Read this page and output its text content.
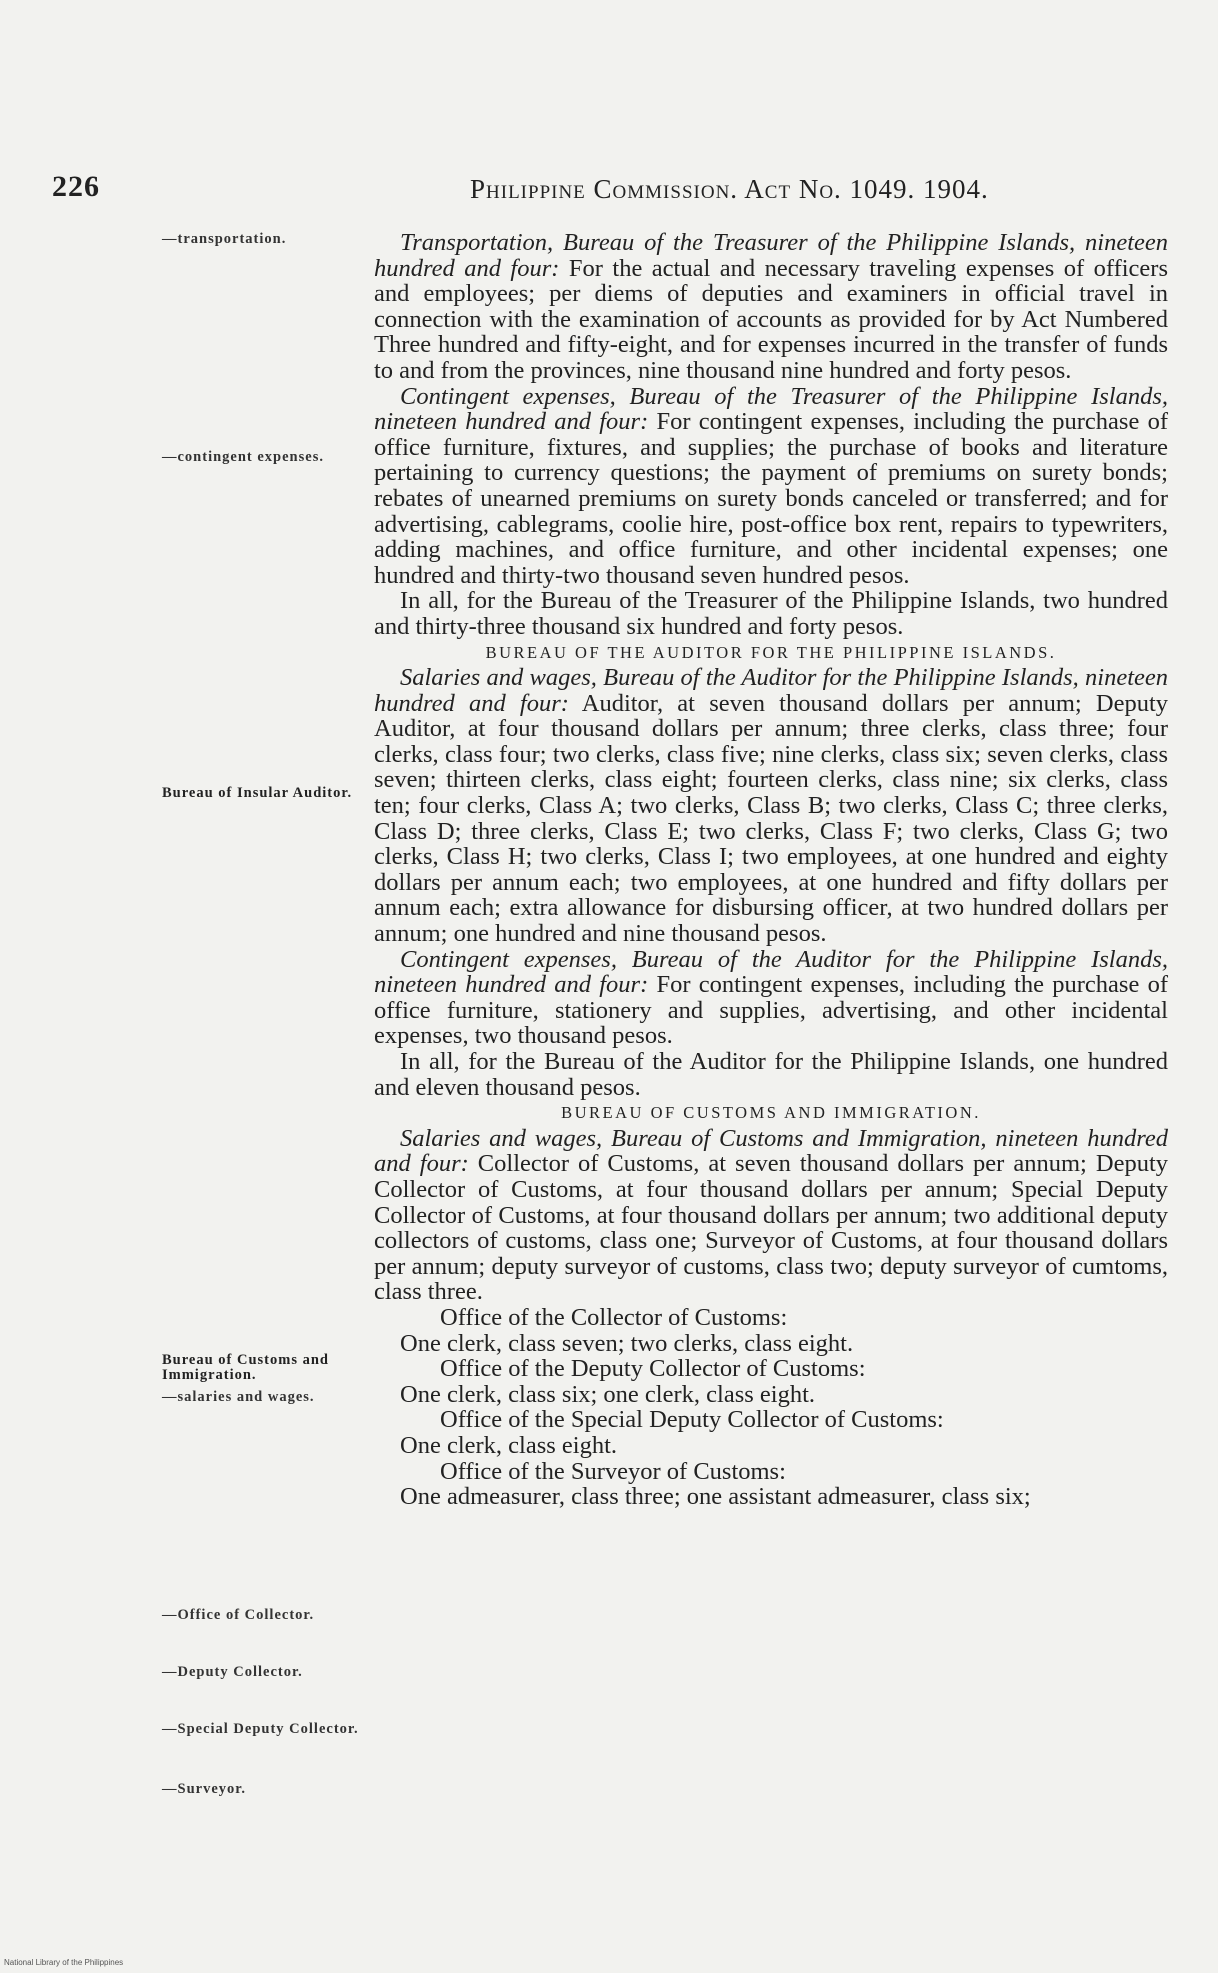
226	Philippine Commission. Act No. 1049. 1904.
—transportation.
—contingent expenses.
Bureau of Insular Auditor.
Bureau of Customs and Immigration.
—salaries and wages.
—Office of Collector.
—Deputy Collector.
—Special Deputy Collector.
—Surveyor.

Transportation, Bureau of the Treasurer of the Philippine Islands, nineteen hundred and four: For the actual and necessary traveling expenses of officers and employees; per diems of deputies and examiners in official travel in connection with the examination of accounts as provided for by Act Numbered Three hundred and fifty-eight, and for expenses incurred in the transfer of funds to and from the provinces, nine thousand nine hundred and forty pesos.

Contingent expenses, Bureau of the Treasurer of the Philippine Islands, nineteen hundred and four: For contingent expenses, including the purchase of office furniture, fixtures, and supplies; the purchase of books and literature pertaining to currency questions; the payment of premiums on surety bonds; rebates of unearned premiums on surety bonds canceled or transferred; and for advertising, cablegrams, coolie hire, post-office box rent, repairs to typewriters, adding machines, and office furniture, and other incidental expenses; one hundred and thirty-two thousand seven hundred pesos.

In all, for the Bureau of the Treasurer of the Philippine Islands, two hundred and thirty-three thousand six hundred and forty pesos.

BUREAU OF THE AUDITOR FOR THE PHILIPPINE ISLANDS.

Salaries and wages, Bureau of the Auditor for the Philippine Islands, nineteen hundred and four: Auditor, at seven thousand dollars per annum; Deputy Auditor, at four thousand dollars per annum; three clerks, class three; four clerks, class four; two clerks, class five; nine clerks, class six; seven clerks, class seven; thirteen clerks, class eight; fourteen clerks, class nine; six clerks, class ten; four clerks, Class A; two clerks, Class B; two clerks, Class C; three clerks, Class D; three clerks, Class E; two clerks, Class F; two clerks, Class G; two clerks, Class H; two clerks, Class I; two employees, at one hundred and eighty dollars per annum each; two employees, at one hundred and fifty dollars per annum each; extra allowance for disbursing officer, at two hundred dollars per annum; one hundred and nine thousand pesos.

Contingent expenses, Bureau of the Auditor for the Philippine Islands, nineteen hundred and four: For contingent expenses, including the purchase of office furniture, stationery and supplies, advertising, and other incidental expenses, two thousand pesos.

In all, for the Bureau of the Auditor for the Philippine Islands, one hundred and eleven thousand pesos.

BUREAU OF CUSTOMS AND IMMIGRATION.

Salaries and wages, Bureau of Customs and Immigration, nineteen hundred and four: Collector of Customs, at seven thousand dollars per annum; Deputy Collector of Customs, at four thousand dollars per annum; Special Deputy Collector of Customs, at four thousand dollars per annum; two additional deputy collectors of customs, class one; Surveyor of Customs, at four thousand dollars per annum; deputy surveyor of customs, class two; deputy surveyor of cumtoms, class three.

Office of the Collector of Customs:

One clerk, class seven; two clerks, class eight.

Office of the Deputy Collector of Customs:

One clerk, class six; one clerk, class eight.

Office of the Special Deputy Collector of Customs:

One clerk, class eight.

Office of the Surveyor of Customs:

One admeasurer, class three; one assistant admeasurer, class six;

National Library of the Philippines
